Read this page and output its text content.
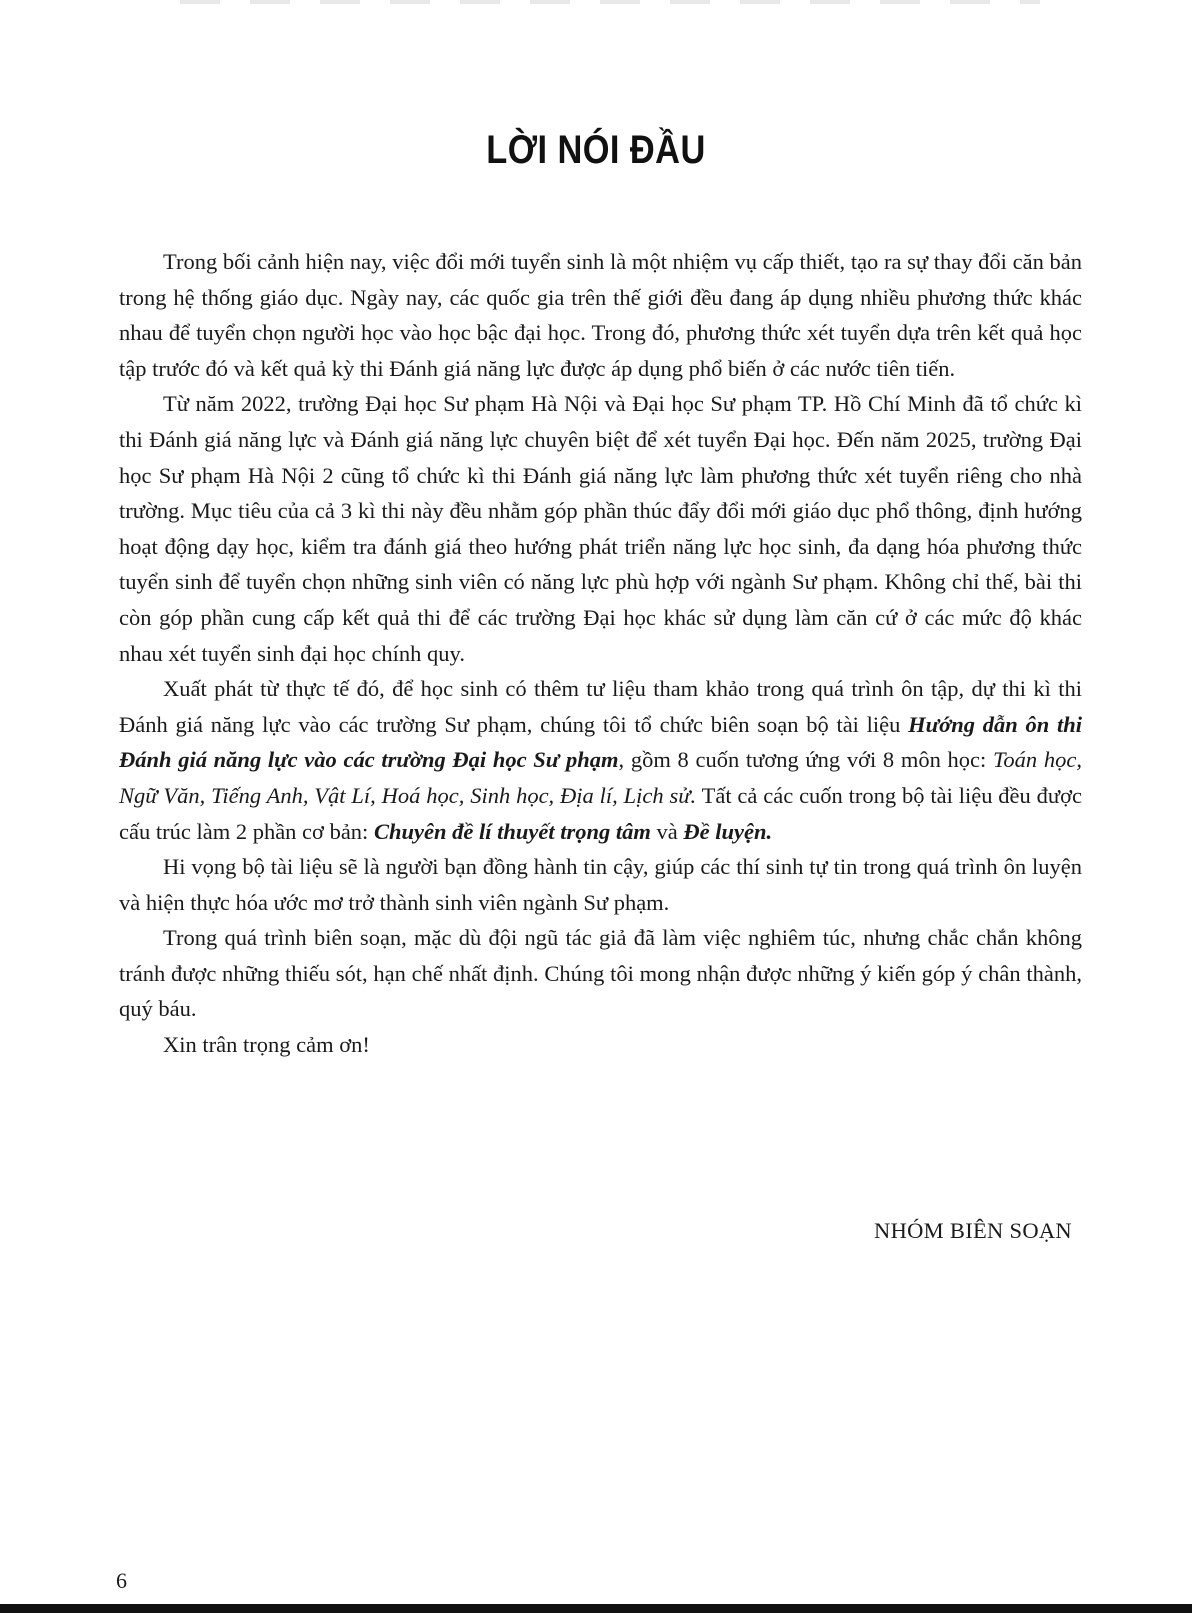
LỜI NÓI ĐẦU

Trong bối cảnh hiện nay, việc đổi mới tuyển sinh là một nhiệm vụ cấp thiết, tạo ra sự thay đổi căn bản trong hệ thống giáo dục. Ngày nay, các quốc gia trên thế giới đều đang áp dụng nhiều phương thức khác nhau để tuyển chọn người học vào học bậc đại học. Trong đó, phương thức xét tuyển dựa trên kết quả học tập trước đó và kết quả kỳ thi Đánh giá năng lực được áp dụng phổ biến ở các nước tiên tiến.

Từ năm 2022, trường Đại học Sư phạm Hà Nội và Đại học Sư phạm TP. Hồ Chí Minh đã tổ chức kì thi Đánh giá năng lực và Đánh giá năng lực chuyên biệt để xét tuyển Đại học. Đến năm 2025, trường Đại học Sư phạm Hà Nội 2 cũng tổ chức kì thi Đánh giá năng lực làm phương thức xét tuyển riêng cho nhà trường. Mục tiêu của cả 3 kì thi này đều nhằm góp phần thúc đẩy đổi mới giáo dục phổ thông, định hướng hoạt động dạy học, kiểm tra đánh giá theo hướng phát triển năng lực học sinh, đa dạng hóa phương thức tuyển sinh để tuyển chọn những sinh viên có năng lực phù hợp với ngành Sư phạm. Không chỉ thế, bài thi còn góp phần cung cấp kết quả thi để các trường Đại học khác sử dụng làm căn cứ ở các mức độ khác nhau xét tuyển sinh đại học chính quy.

Xuất phát từ thực tế đó, để học sinh có thêm tư liệu tham khảo trong quá trình ôn tập, dự thi kì thi Đánh giá năng lực vào các trường Sư phạm, chúng tôi tổ chức biên soạn bộ tài liệu Hướng dẫn ôn thi Đánh giá năng lực vào các trường Đại học Sư phạm, gồm 8 cuốn tương ứng với 8 môn học: Toán học, Ngữ Văn, Tiếng Anh, Vật Lí, Hoá học, Sinh học, Địa lí, Lịch sử. Tất cả các cuốn trong bộ tài liệu đều được cấu trúc làm 2 phần cơ bản: Chuyên đề lí thuyết trọng tâm và Đề luyện.

Hi vọng bộ tài liệu sẽ là người bạn đồng hành tin cậy, giúp các thí sinh tự tin trong quá trình ôn luyện và hiện thực hóa ước mơ trở thành sinh viên ngành Sư phạm.

Trong quá trình biên soạn, mặc dù đội ngũ tác giả đã làm việc nghiêm túc, nhưng chắc chắn không tránh được những thiếu sót, hạn chế nhất định. Chúng tôi mong nhận được những ý kiến góp ý chân thành, quý báu.

Xin trân trọng cảm ơn!

NHÓM BIÊN SOẠN
6
